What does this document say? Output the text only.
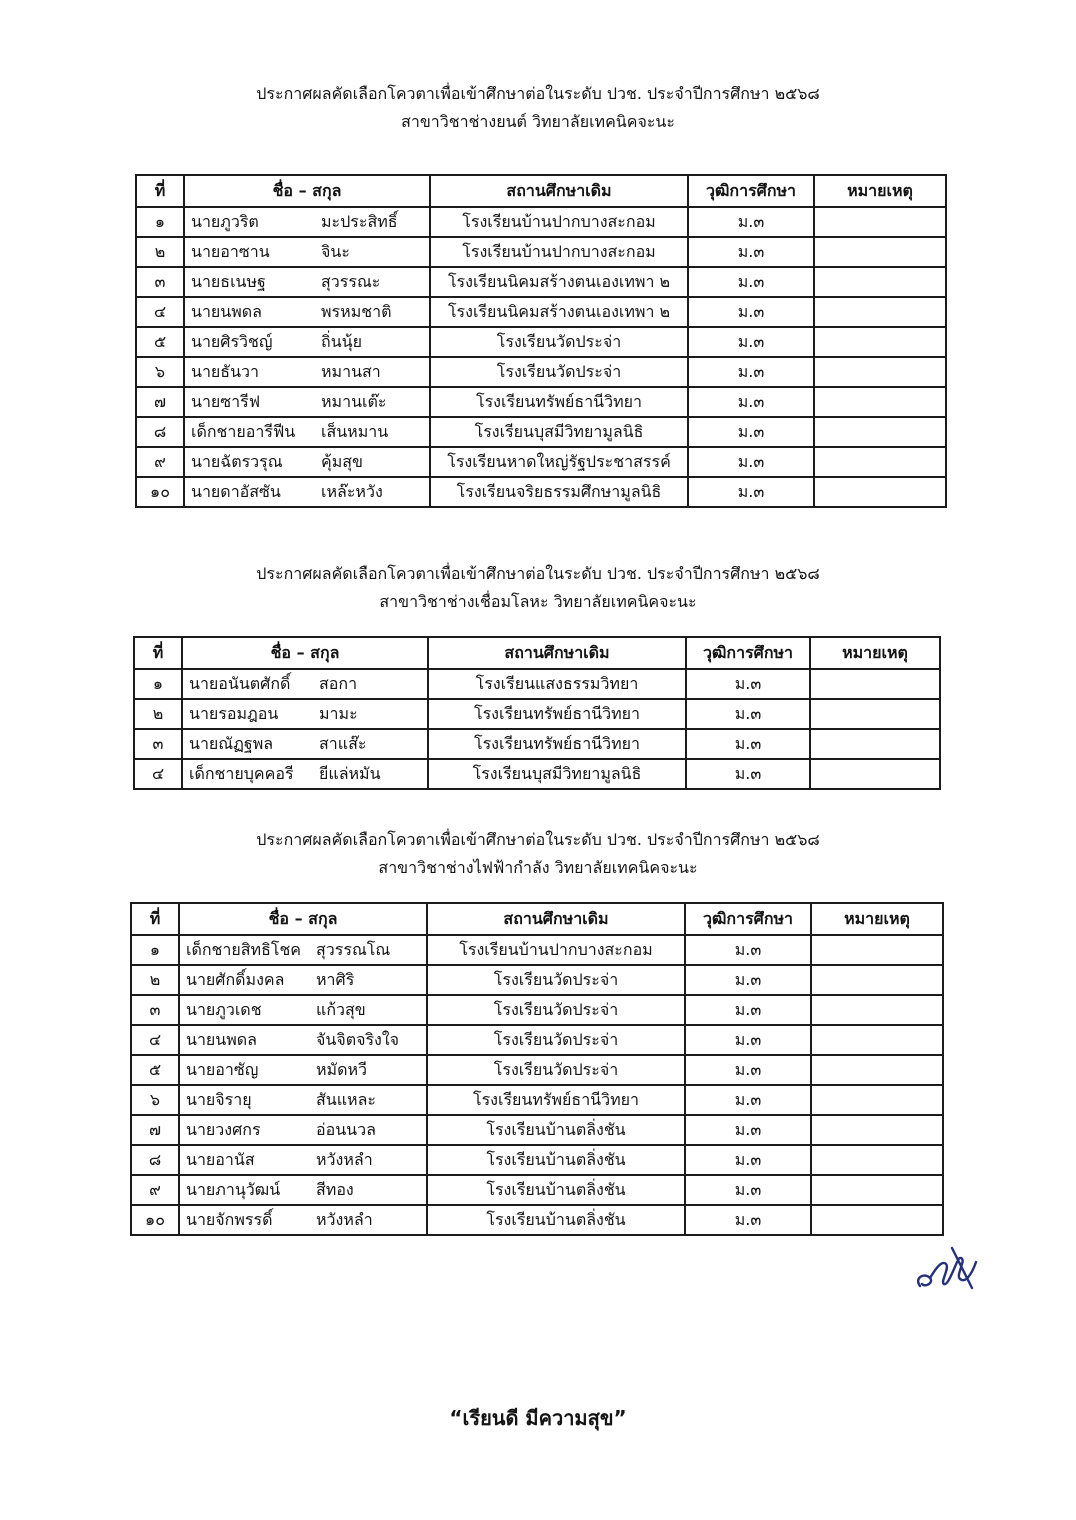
ประกาศผลคัดเลือกโควตาเพื่อเข้าศึกษาต่อในระดับ ปวช. ประจำปีการศึกษา ๒๕๖๘
สาขาวิชาช่างยนต์ วิทยาลัยเทคนิคจะนะ
ที่	ชื่อ – สกุล	สถานศึกษาเดิม	วุฒิการศึกษา	หมายเหตุ
๑	นายภูวริต มะประสิทธิ์	โรงเรียนบ้านปากบางสะกอม	ม.๓	
๒	นายอาซาน จินะ	โรงเรียนบ้านปากบางสะกอม	ม.๓	
๓	นายธเนษฐ สุวรรณะ	โรงเรียนนิคมสร้างตนเองเทพา ๒	ม.๓	
๔	นายนพดล พรหมชาติ	โรงเรียนนิคมสร้างตนเองเทพา ๒	ม.๓	
๕	นายศิรวิชญ์ ถิ่นนุ้ย	โรงเรียนวัดประจ่า	ม.๓	
๖	นายธันวา หมานสา	โรงเรียนวัดประจ่า	ม.๓	
๗	นายซารีฟ หมานเต๊ะ	โรงเรียนทรัพย์ธานีวิทยา	ม.๓	
๘	เด็กชายอารีฟีน เส็นหมาน	โรงเรียนบุสมีวิทยามูลนิธิ	ม.๓	
๙	นายฉัตรวรุณ คุ้มสุข	โรงเรียนหาดใหญ่รัฐประชาสรรค์	ม.๓	
๑๐	นายดาอัสซัน เหล๊ะหวัง	โรงเรียนจริยธรรมศึกษามูลนิธิ	ม.๓	
ประกาศผลคัดเลือกโควตาเพื่อเข้าศึกษาต่อในระดับ ปวช. ประจำปีการศึกษา ๒๕๖๘
สาขาวิชาช่างเชื่อมโลหะ วิทยาลัยเทคนิคจะนะ
ที่	ชื่อ – สกุล	สถานศึกษาเดิม	วุฒิการศึกษา	หมายเหตุ
๑	นายอนันตศักดิ์ สอกา	โรงเรียนแสงธรรมวิทยา	ม.๓	
๒	นายรอมฎอน มามะ	โรงเรียนทรัพย์ธานีวิทยา	ม.๓	
๓	นายณัฏฐพล สาแส๊ะ	โรงเรียนทรัพย์ธานีวิทยา	ม.๓	
๔	เด็กชายบุคคอรี ยีแล่หมัน	โรงเรียนบุสมีวิทยามูลนิธิ	ม.๓	
ประกาศผลคัดเลือกโควตาเพื่อเข้าศึกษาต่อในระดับ ปวช. ประจำปีการศึกษา ๒๕๖๘
สาขาวิชาช่างไฟฟ้ากำลัง วิทยาลัยเทคนิคจะนะ
ที่	ชื่อ – สกุล	สถานศึกษาเดิม	วุฒิการศึกษา	หมายเหตุ
๑	เด็กชายสิทธิโชค สุวรรณโณ	โรงเรียนบ้านปากบางสะกอม	ม.๓	
๒	นายศักดิ์มงคล หาศิริ	โรงเรียนวัดประจ่า	ม.๓	
๓	นายภูวเดช แก้วสุข	โรงเรียนวัดประจ่า	ม.๓	
๔	นายนพดล จันจิตจริงใจ	โรงเรียนวัดประจ่า	ม.๓	
๕	นายอาซัญ หมัดหวี	โรงเรียนวัดประจ่า	ม.๓	
๖	นายจิรายุ สันแหละ	โรงเรียนทรัพย์ธานีวิทยา	ม.๓	
๗	นายวงศกร อ่อนนวล	โรงเรียนบ้านตลิ่งชัน	ม.๓	
๘	นายอานัส หวังหลำ	โรงเรียนบ้านตลิ่งชัน	ม.๓	
๙	นายภานุวัฒน์ สีทอง	โรงเรียนบ้านตลิ่งชัน	ม.๓	
๑๐	นายจักพรรดิ์ หวังหลำ	โรงเรียนบ้านตลิ่งชัน	ม.๓	
“เรียนดี มีความสุข”
